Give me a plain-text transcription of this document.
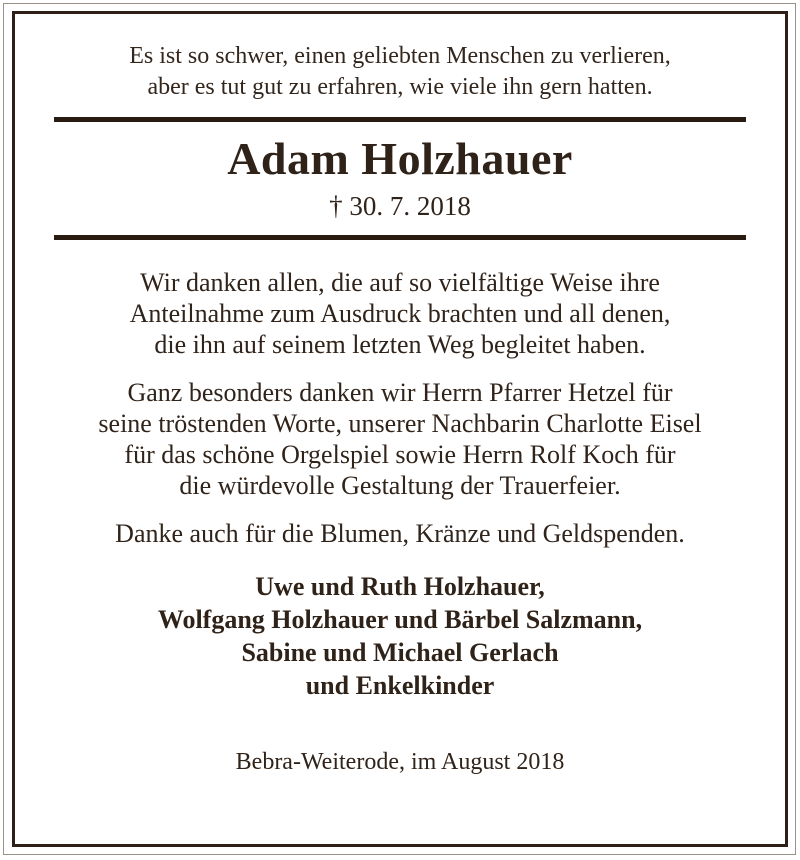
Es ist so schwer, einen geliebten Menschen zu verlieren,
aber es tut gut zu erfahren, wie viele ihn gern hatten.
Adam Holzhauer
† 30. 7. 2018
Wir danken allen, die auf so vielfältige Weise ihre
Anteilnahme zum Ausdruck brachten und all denen,
die ihn auf seinem letzten Weg begleitet haben.
Ganz besonders danken wir Herrn Pfarrer Hetzel für
seine tröstenden Worte, unserer Nachbarin Charlotte Eisel
für das schöne Orgelspiel sowie Herrn Rolf Koch für
die würdevolle Gestaltung der Trauerfeier.
Danke auch für die Blumen, Kränze und Geldspenden.
Uwe und Ruth Holzhauer,
Wolfgang Holzhauer und Bärbel Salzmann,
Sabine und Michael Gerlach
und Enkelkinder
Bebra-Weiterode, im August 2018
